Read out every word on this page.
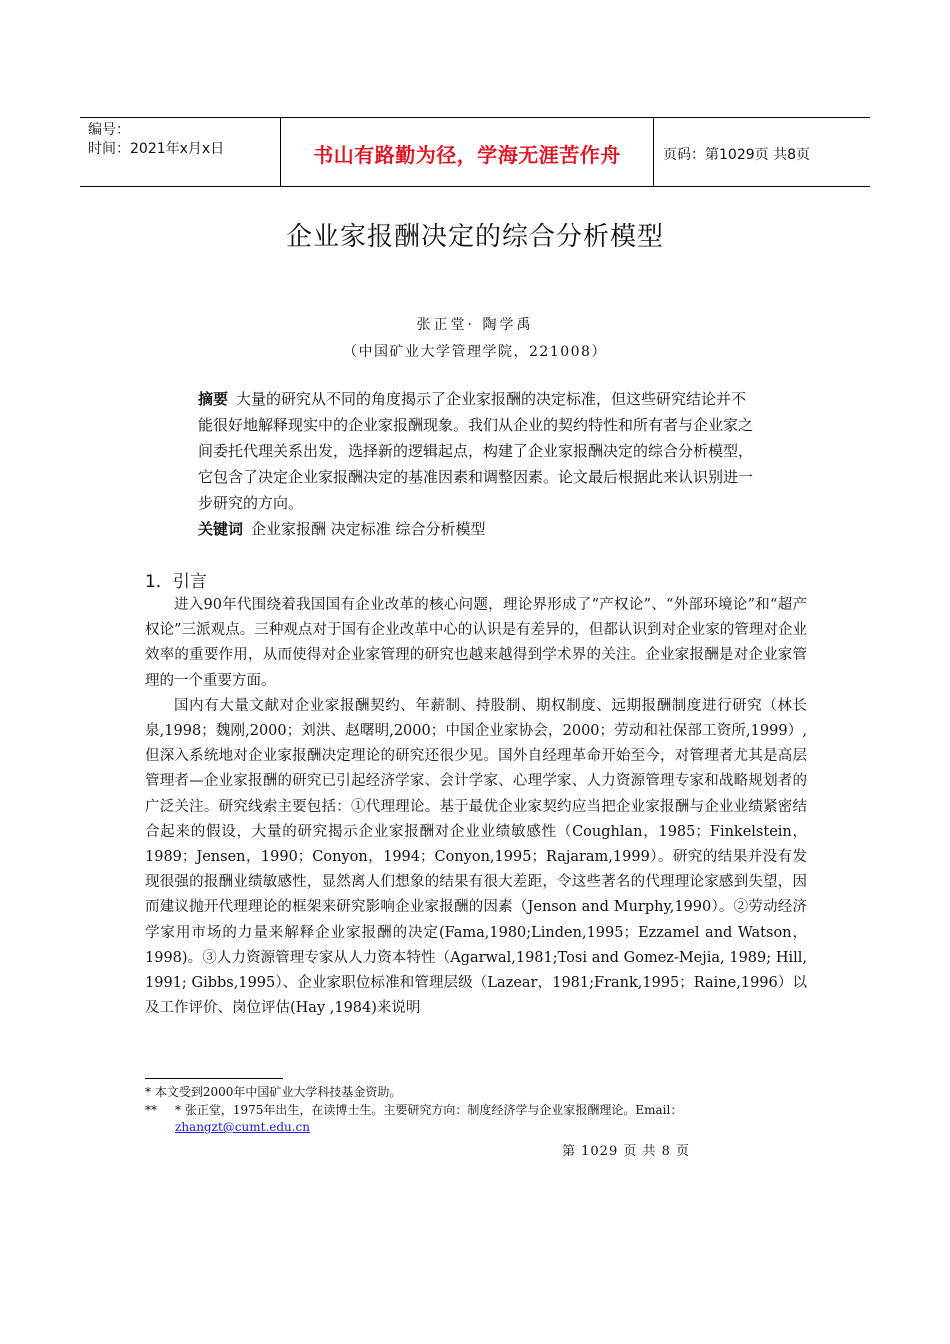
编号：
时间：2021年x月x日	书山有路勤为径，学海无涯苦作舟	页码：第1029页 共8页
企业家报酬决定的综合分析模型
张正堂· 陶学禹
（中国矿业大学管理学院，221008）
摘要 大量的研究从不同的角度揭示了企业家报酬的决定标准，但这些研究结论并不能很好地解释现实中的企业家报酬现象。我们从企业的契约特性和所有者与企业家之间委托代理关系出发，选择新的逻辑起点，构建了企业家报酬决定的综合分析模型，它包含了决定企业家报酬决定的基准因素和调整因素。论文最后根据此来认识别进一步研究的方向。
关键词 企业家报酬 决定标准 综合分析模型
1．引言

进入90年代围绕着我国国有企业改革的核心问题，理论界形成了“产权论”、“外部环境论”和“超产权论”三派观点。三种观点对于国有企业改革中心的认识是有差异的，但都认识到对企业家的管理对企业效率的重要作用，从而使得对企业家管理的研究也越来越得到学术界的关注。企业家报酬是对企业家管理的一个重要方面。

国内有大量文献对企业家报酬契约、年薪制、持股制、期权制度、远期报酬制度进行研究（林长泉,1998；魏刚,2000；刘洪、赵曙明,2000；中国企业家协会，2000；劳动和社保部工资所,1999）,但深入系统地对企业家报酬决定理论的研究还很少见。国外自经理革命开始至今，对管理者尤其是高层管理者—企业家报酬的研究已引起经济学家、会计学家、心理学家、人力资源管理专家和战略规划者的广泛关注。研究线索主要包括：①代理理论。基于最优企业家契约应当把企业家报酬与企业业绩紧密结合起来的假设，大量的研究揭示企业家报酬对企业业绩敏感性（Coughlan，1985；Finkelstein，1989；Jensen，1990；Conyon，1994；Conyon,1995；Rajaram,1999）。研究的结果并没有发现很强的报酬业绩敏感性，显然离人们想象的结果有很大差距，令这些著名的代理理论家感到失望，因而建议抛开代理理论的框架来研究影响企业家报酬的因素（Jenson and Murphy,1990）。②劳动经济学家用市场的力量来解释企业家报酬的决定(Fama,1980;Linden,1995；Ezzamel and Watson，1998)。③人力资源管理专家从人力资本特性（Agarwal,1981;Tosi and Gomez-Mejia, 1989; Hill, 1991; Gibbs,1995）、企业家职位标准和管理层级（Lazear，1981;Frank,1995；Raine,1996）以及工作评价、岗位评估(Hay ,1984)来说明

* 本文受到2000年中国矿业大学科技基金资助。
** * 张正堂，1975年出生，在读博士生。主要研究方向：制度经济学与企业家报酬理论。Email：
zhangzt@cumt.edu.cn
第 1029 页 共 8 页
